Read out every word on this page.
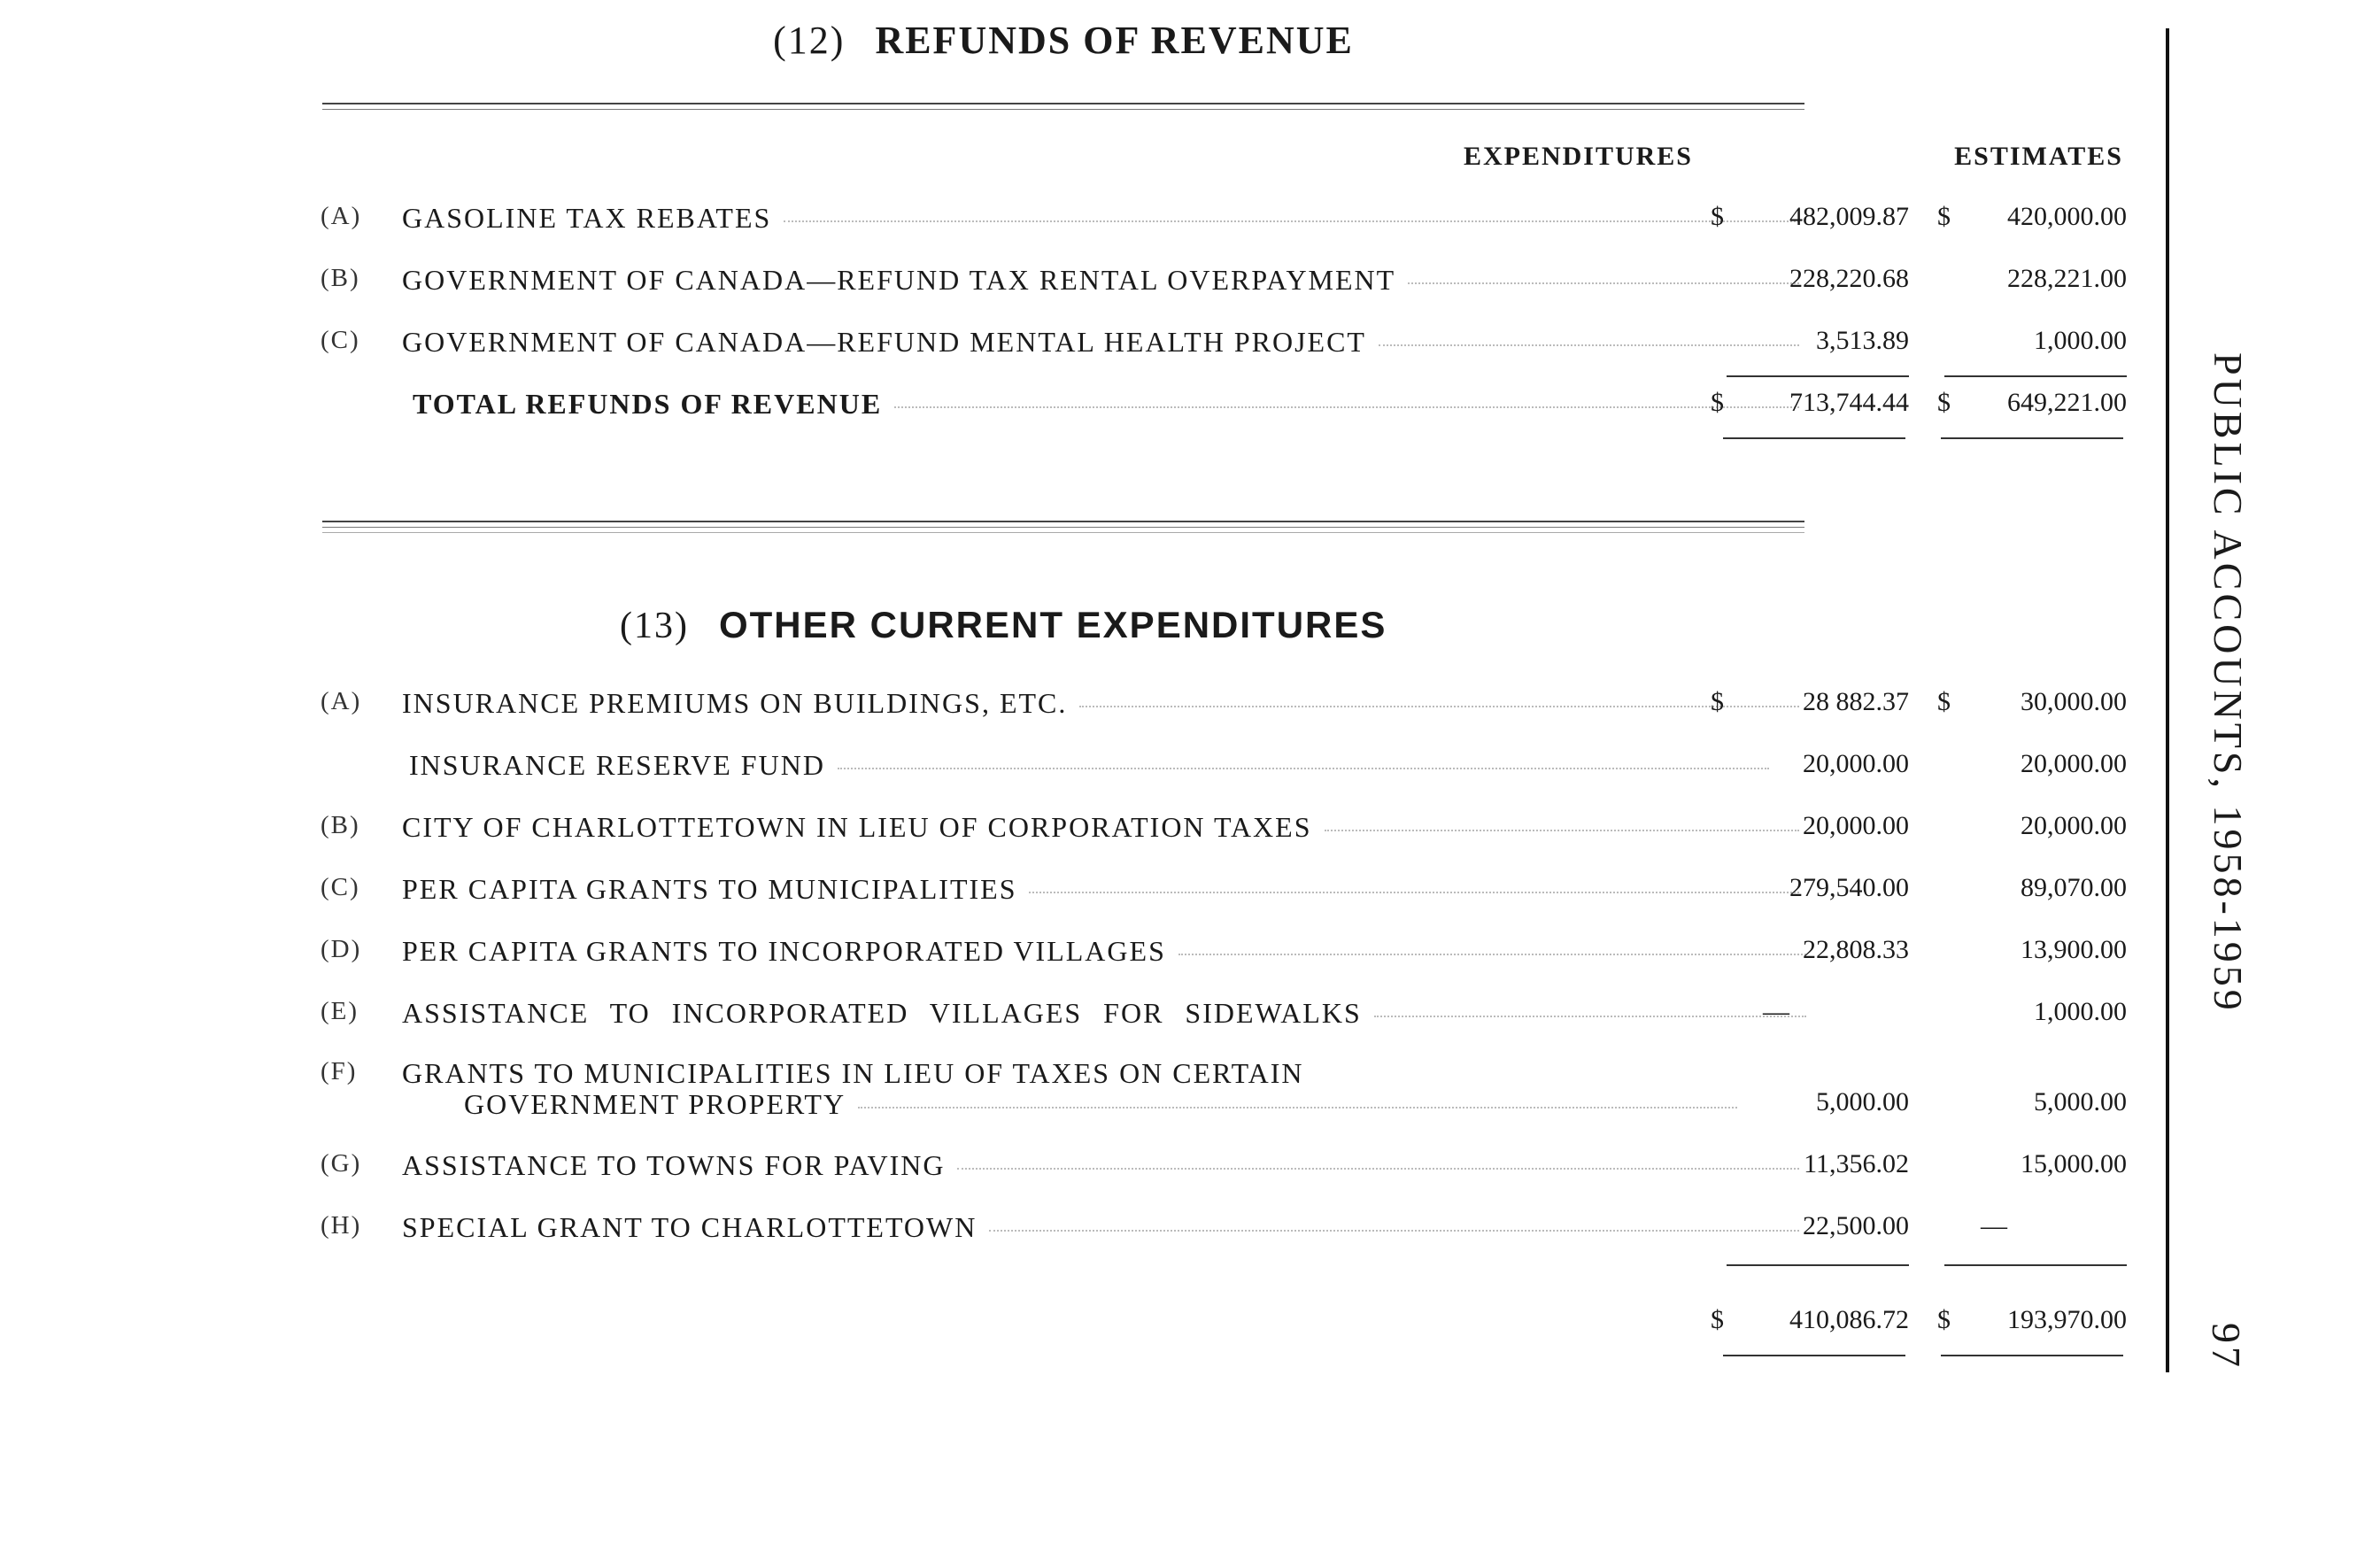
(12) REFUNDS OF REVENUE
EXPENDITURES	ESTIMATES
(A) GASOLINE TAX REBATES	$	482,009.87 $	420,000.00
(B) GOVERNMENT OF CANADA—REFUND TAX RENTAL OVERPAYMENT	228,220.68	228,221.00
(C) GOVERNMENT OF CANADA—REFUND MENTAL HEALTH PROJECT	3,513.89	1,000.00
TOTAL REFUNDS OF REVENUE	$	713,744.44 $	649,221.00
(13) OTHER CURRENT EXPENDITURES
(A) INSURANCE PREMIUMS ON BUILDINGS, ETC.	$	28 882.37 $	30,000.00
INSURANCE RESERVE FUND	20,000.00	20,000.00
(B) CITY OF CHARLOTTETOWN IN LIEU OF CORPORATION TAXES	20,000.00	20,000.00
(C) PER CAPITA GRANTS TO MUNICIPALITIES	279,540.00	89,070.00
(D) PER CAPITA GRANTS TO INCORPORATED VILLAGES	22,808.33	13,900.00
(E) ASSISTANCE TO INCORPORATED VILLAGES FOR SIDEWALKS	—	1,000.00
(F) GRANTS TO MUNICIPALITIES IN LIEU OF TAXES ON CERTAIN
GOVERNMENT PROPERTY	5,000.00	5,000.00
(G) ASSISTANCE TO TOWNS FOR PAVING	11,356.02	15,000.00
(H) SPECIAL GRANT TO CHARLOTTETOWN	22,500.00	—
$	410,086.72 $	193,970.00
PUBLIC ACCOUNTS, 1958-1959
97
